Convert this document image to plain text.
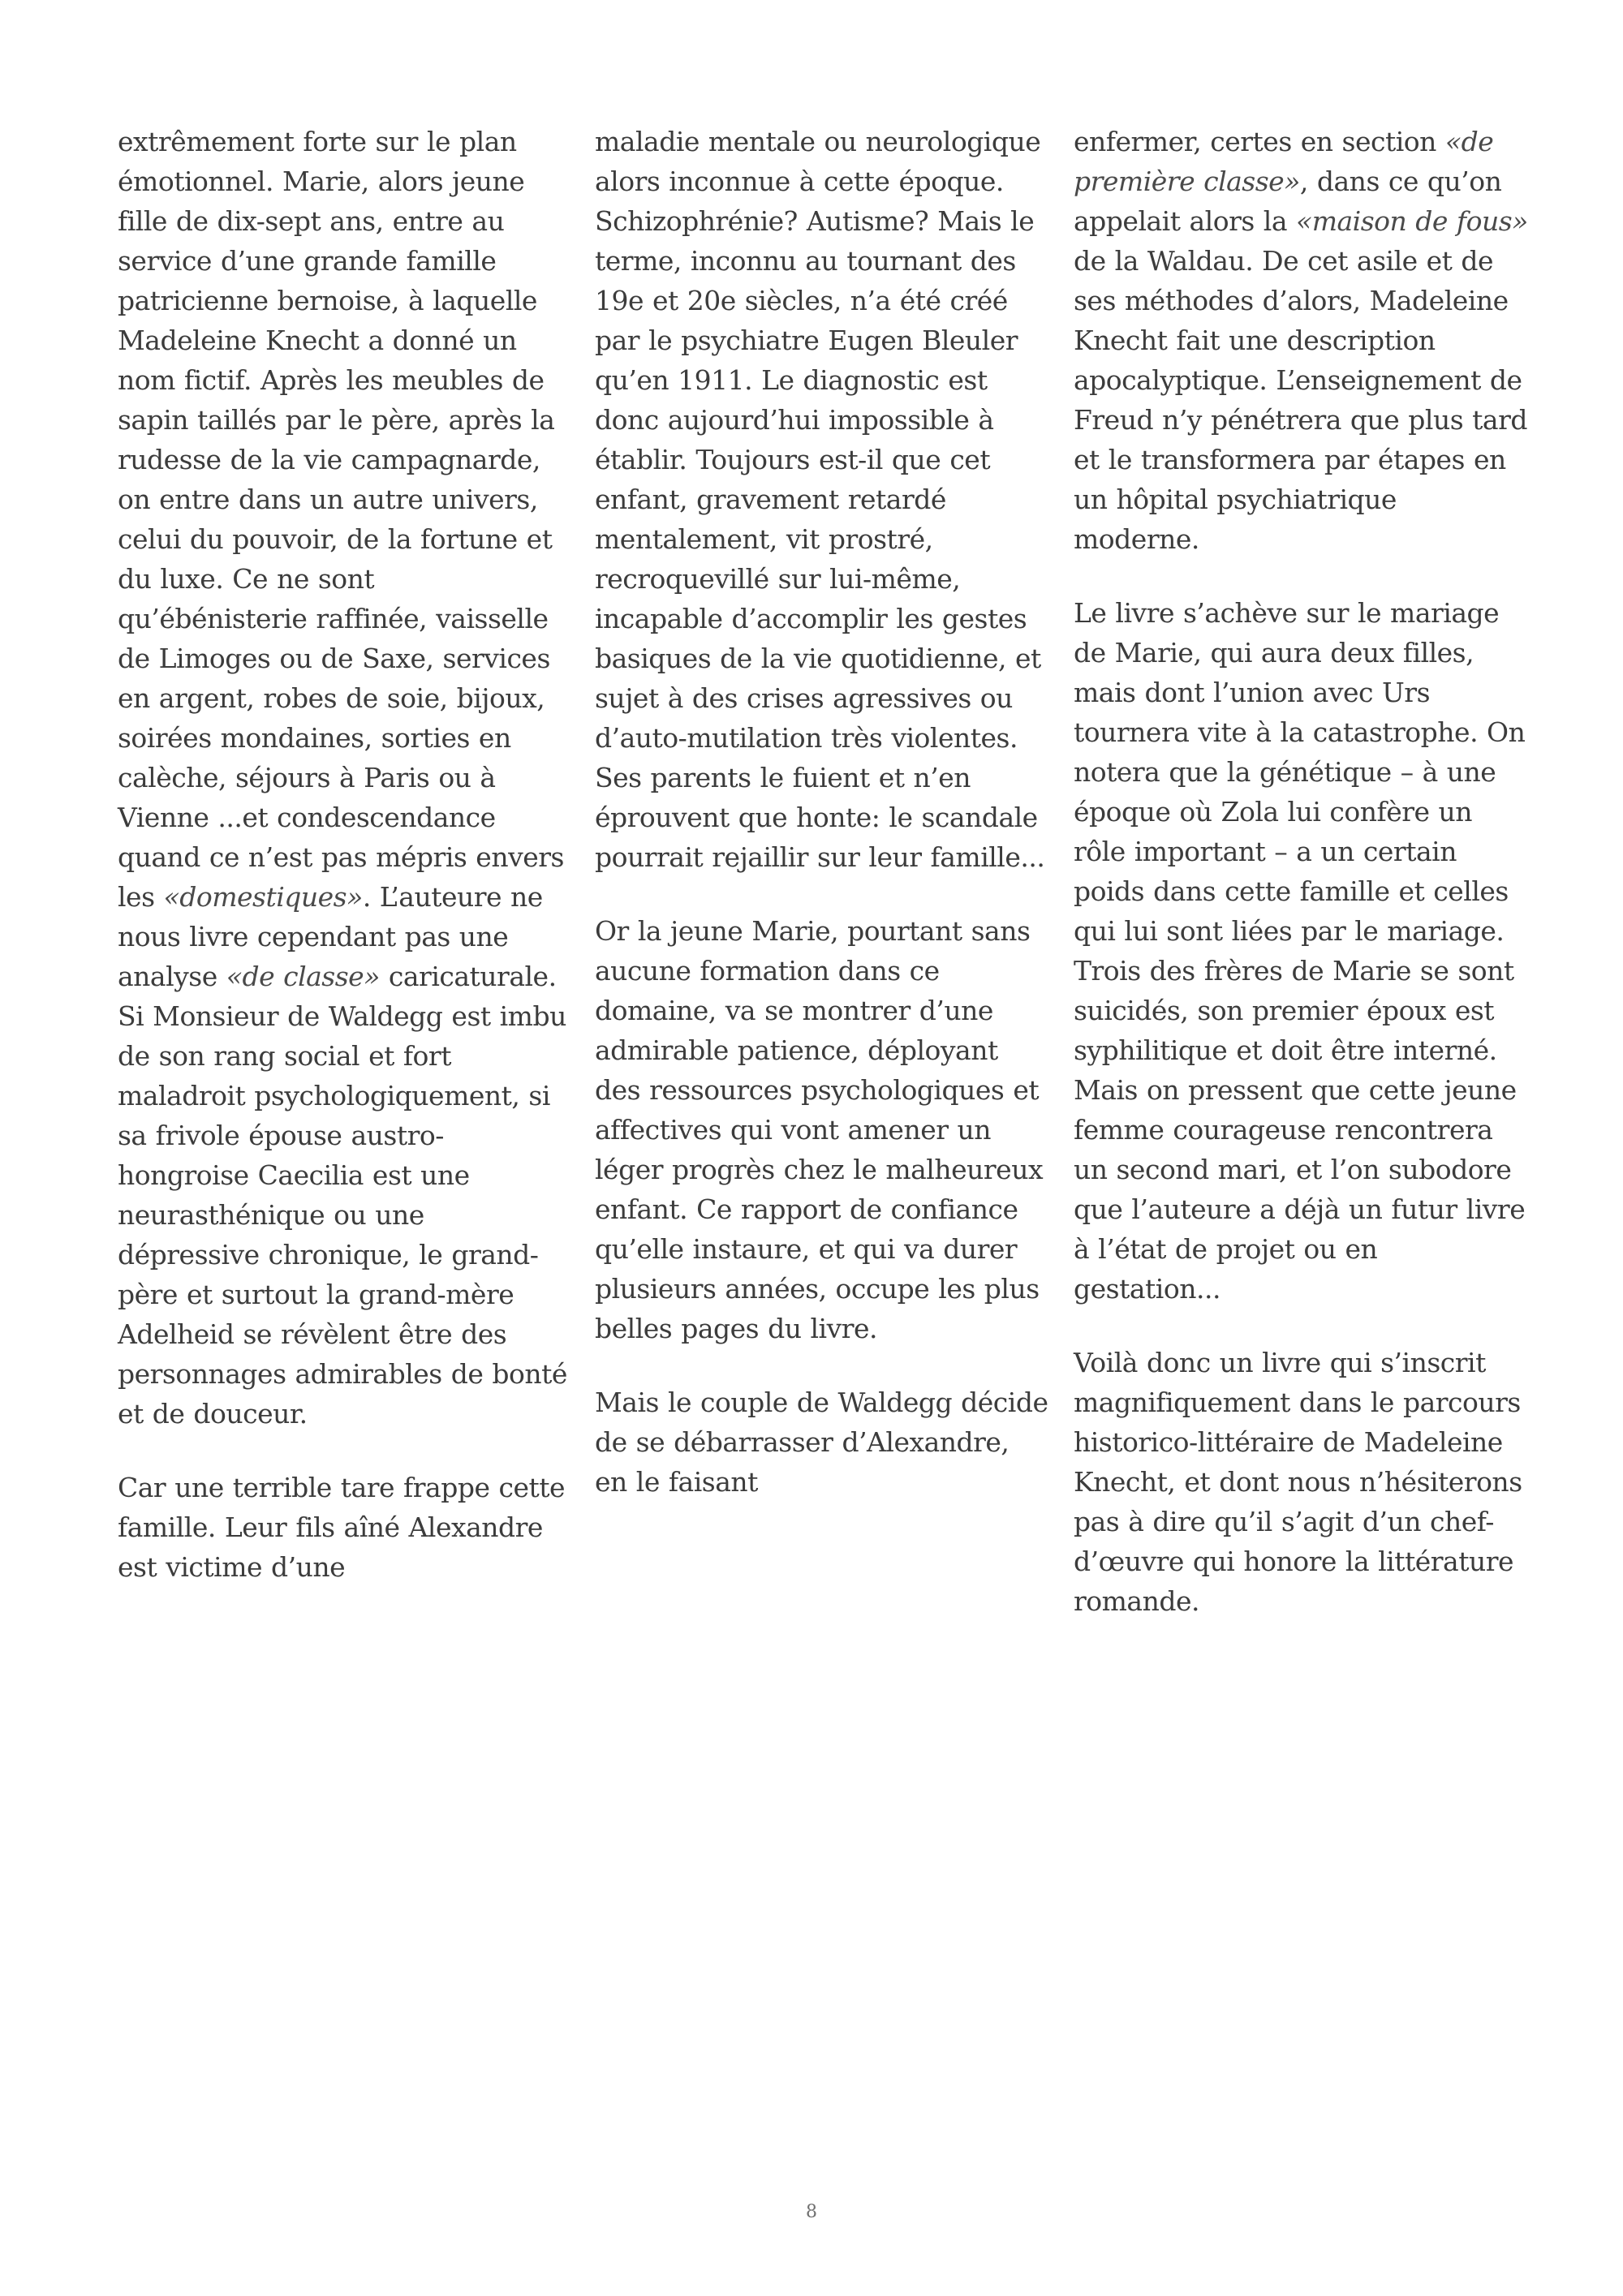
extrêmement forte sur le plan émotionnel. Marie, alors jeune fille de dix-sept ans, entre au service d’une grande famille patricienne bernoise, à laquelle Madeleine Knecht a donné un nom fictif. Après les meubles de sapin taillés par le père, après la rudesse de la vie campagnarde, on entre dans un autre univers, celui du pouvoir, de la fortune et du luxe. Ce ne sont qu’ébénisterie raffinée, vaisselle de Limoges ou de Saxe, services en argent, robes de soie, bijoux, soirées mondaines, sorties en calèche, séjours à Paris ou à Vienne ...et condescendance quand ce n’est pas mépris envers les «domestiques». L’auteure ne nous livre cependant pas une analyse «de classe» caricaturale. Si Monsieur de Waldegg est imbu de son rang social et fort maladroit psychologiquement, si sa frivole épouse austro-hongroise Caecilia est une neurasthénique ou une dépressive chronique, le grand-père et surtout la grand-mère Adelheid se révèlent être des personnages admirables de bonté et de douceur.

Car une terrible tare frappe cette famille. Leur fils aîné Alexandre est victime d’une

maladie mentale ou neurologique alors inconnue à cette époque. Schizophrénie? Autisme? Mais le terme, inconnu au tournant des 19e et 20e siècles, n’a été créé par le psychiatre Eugen Bleuler qu’en 1911. Le diagnostic est donc aujourd’hui impossible à établir. Toujours est-il que cet enfant, gravement retardé mentalement, vit prostré, recroquevillé sur lui-même, incapable d’accomplir les gestes basiques de la vie quotidienne, et sujet à des crises agressives ou d’auto-mutilation très violentes. Ses parents le fuient et n’en éprouvent que honte: le scandale pourrait rejaillir sur leur famille...

Or la jeune Marie, pourtant sans aucune formation dans ce domaine, va se montrer d’une admirable patience, déployant des ressources psychologiques et affectives qui vont amener un léger progrès chez le malheureux enfant. Ce rapport de confiance qu’elle instaure, et qui va durer plusieurs années, occupe les plus belles pages du livre.

Mais le couple de Waldegg décide de se débarrasser d’Alexandre, en le faisant

enfermer, certes en section «de première classe», dans ce qu’on appelait alors la «maison de fous» de la Waldau. De cet asile et de ses méthodes d’alors, Madeleine Knecht fait une description apocalyptique. L’enseignement de Freud n’y pénétrera que plus tard et le transformera par étapes en un hôpital psychiatrique moderne.

Le livre s’achève sur le mariage de Marie, qui aura deux filles, mais dont l’union avec Urs tournera vite à la catastrophe. On notera que la génétique – à une époque où Zola lui confère un rôle important – a un certain poids dans cette famille et celles qui lui sont liées par le mariage. Trois des frères de Marie se sont suicidés, son premier époux est syphilitique et doit être interné. Mais on pressent que cette jeune femme courageuse rencontrera un second mari, et l’on subodore que l’auteure a déjà un futur livre à l’état de projet ou en gestation...

Voilà donc un livre qui s’inscrit magnifiquement dans le parcours historico-littéraire de Madeleine Knecht, et dont nous n’hésiterons pas à dire qu’il s’agit d’un chef-d’œuvre qui honore la littérature romande.

8
